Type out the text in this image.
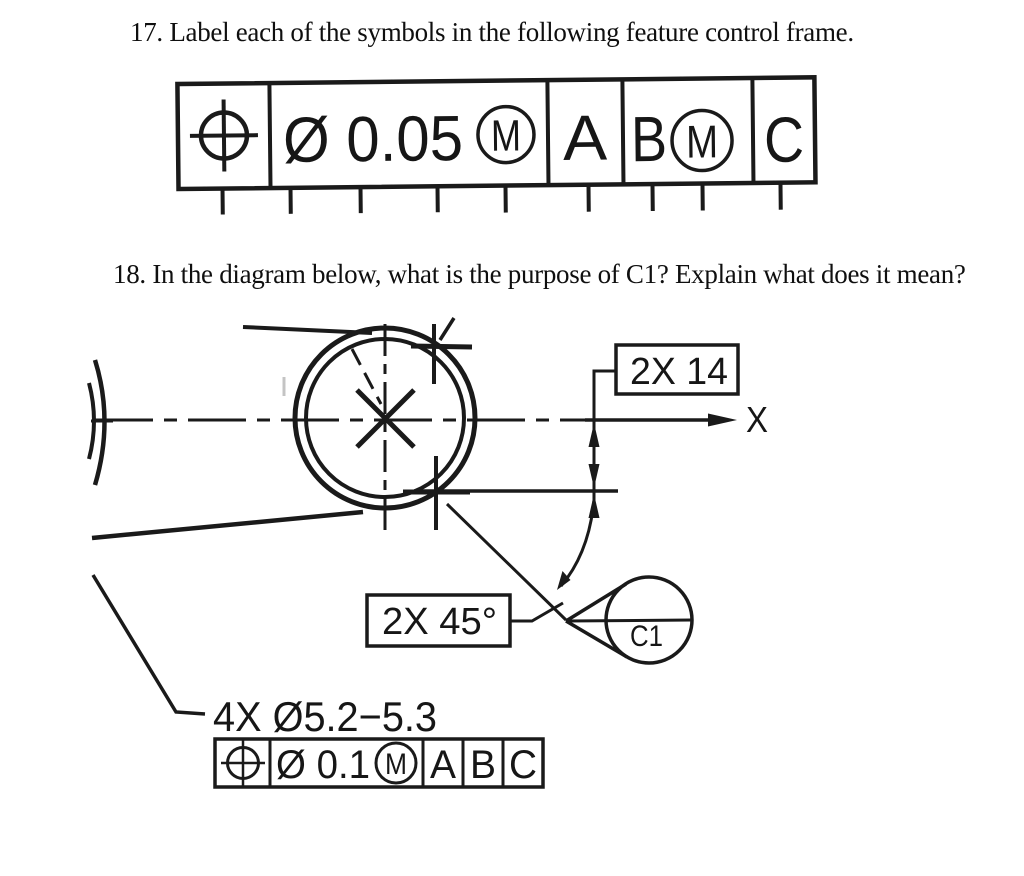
17. Label each of the symbols in the following feature control frame.
18. In the diagram below, what is the purpose of C1? Explain what does it mean?
Ø 0.05 M A B M C
X
2X 14
2X 45°	C1
4X Ø5.2−5.3
Ø 0.1 M A B C
